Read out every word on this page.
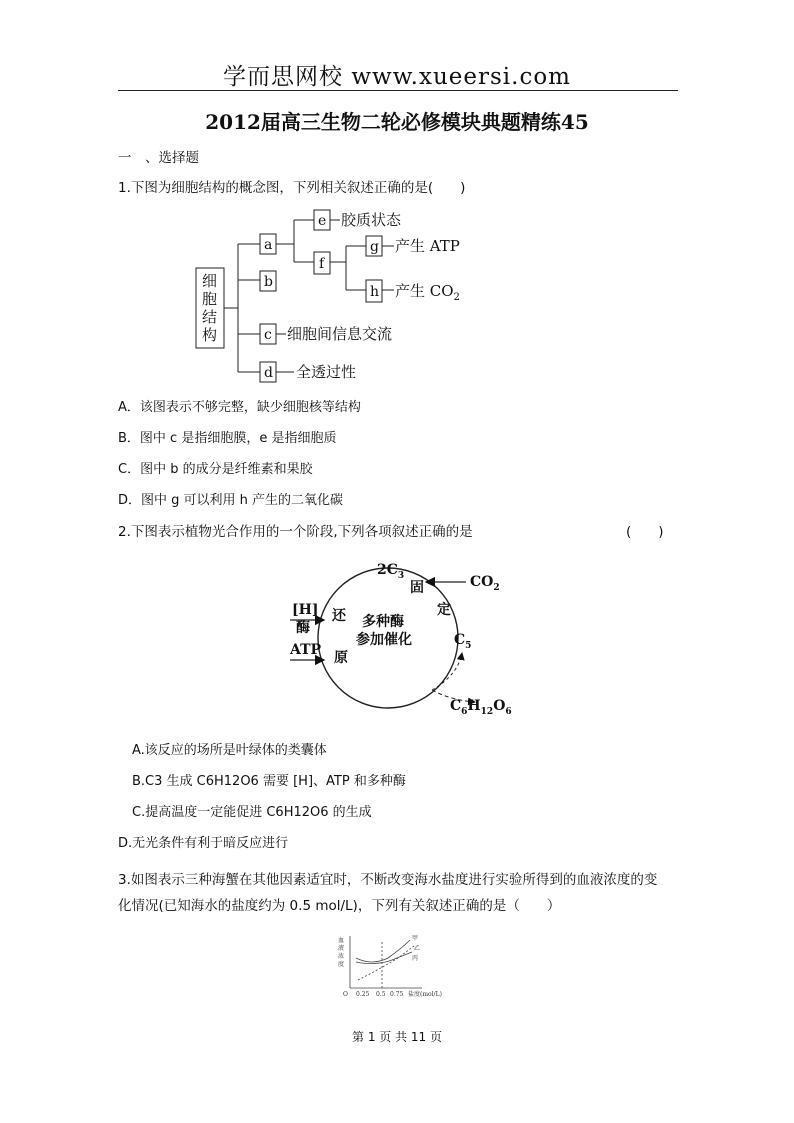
学而思网校 www.xueersi.com
2012届高三生物二轮必修模块典题精练45
一　、选择题
1.下图为细胞结构的概念图，下列相关叙述正确的是(　　)
细
胞
结
构
a
b
c
d
e
f
g
h
胶质状态
产生 ATP
产生 $CO_2$
细胞间信息交流
全透过性
A．该图表示不够完整，缺少细胞核等结构
B．图中 c 是指细胞膜，e 是指细胞质
C．图中 b 的成分是纤维素和果胶
D．图中 g 可以利用 h 产生的二氧化碳
2.下图表示植物光合作用的一个阶段,下列各项叙述正确的是	(　　)
$2C_3$	$CO_2$
固
定
$C_5$
[H]
酶
ATP
还
原
多种酶
参加催化
$C_6H_{12}O_6$
A.该反应的场所是叶绿体的类囊体
B.C3 生成 C6H12O6 需要 [H]、ATP 和多种酶
C.提高温度一定能促进 C6H12O6 的生成
D.无光条件有利于暗反应进行
3.如图表示三种海蟹在其他因素适宜时，不断改变海水盐度进行实验所得到的血液浓度的变
化情况(已知海水的盐度约为 0.5 mol/L)，下列有关叙述正确的是（　　）
血
液
浓
度
O 0.25 0.5 0.75 盐度(mol/L)
甲
乙
丙
第 1 页 共 11 页
